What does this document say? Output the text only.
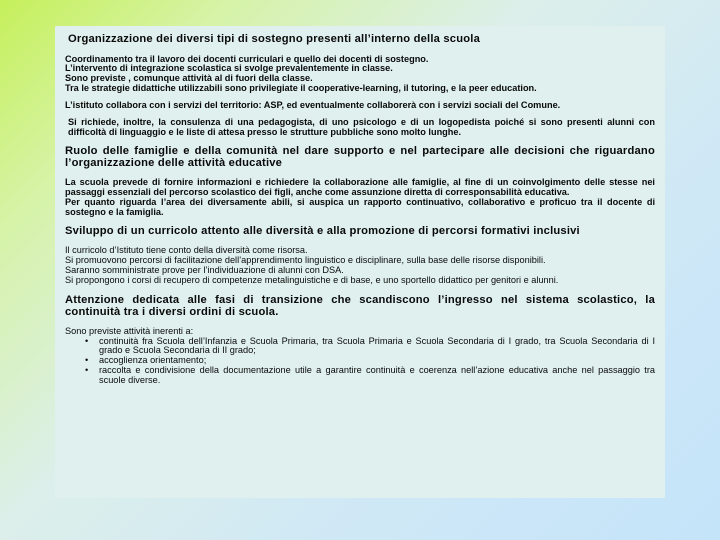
Organizzazione dei diversi tipi di sostegno presenti all’interno della scuola
Coordinamento tra il lavoro dei docenti curriculari e quello dei docenti di sostegno.
L’intervento di integrazione scolastica si svolge prevalentemente in classe.
Sono previste , comunque attività al di fuori della classe.
Tra le strategie didattiche utilizzabili sono privilegiate il cooperative-learning, il tutoring, e la peer education.
L’istituto collabora con i servizi del territorio: ASP, ed eventualmente collaborerà con i servizi sociali del Comune.
Si richiede, inoltre, la consulenza di una pedagogista, di uno psicologo e di un logopedista poiché si sono presenti alunni con difficoltà di linguaggio e le liste di attesa presso le strutture pubbliche sono molto lunghe.
Ruolo delle famiglie e della comunità nel dare supporto e nel partecipare alle decisioni che riguardano l’organizzazione delle attività educative
La scuola prevede di fornire informazioni e richiedere la collaborazione alle famiglie, al fine di un coinvolgimento delle stesse nei passaggi essenziali del percorso scolastico dei figli, anche come assunzione diretta di corresponsabilità educativa.
Per quanto riguarda l’area dei diversamente abili, si auspica un rapporto continuativo, collaborativo e proficuo tra il docente di sostegno e la famiglia.
Sviluppo di un curricolo attento alle diversità e alla promozione di percorsi formativi inclusivi
Il curricolo d’Istituto tiene conto della diversità come risorsa.
Si promuovono percorsi di facilitazione dell’apprendimento linguistico e disciplinare, sulla base delle risorse disponibili.
Saranno somministrate prove per l’individuazione di alunni con DSA.
Si propongono i corsi di recupero di competenze metalinguistiche e di base, e uno sportello didattico per genitori e alunni.
Attenzione dedicata alle fasi di transizione che scandiscono l’ingresso nel sistema scolastico, la continuità tra i diversi ordini di scuola.
Sono previste attività inerenti a:
• continuità fra Scuola dell’Infanzia e Scuola Primaria, tra Scuola Primaria e Scuola Secondaria di I grado, tra Scuola Secondaria di I grado e Scuola Secondaria di II grado;
• accoglienza orientamento;
• raccolta e condivisione della documentazione utile a garantire continuità e coerenza nell’azione educativa anche nel passaggio tra scuole diverse.
